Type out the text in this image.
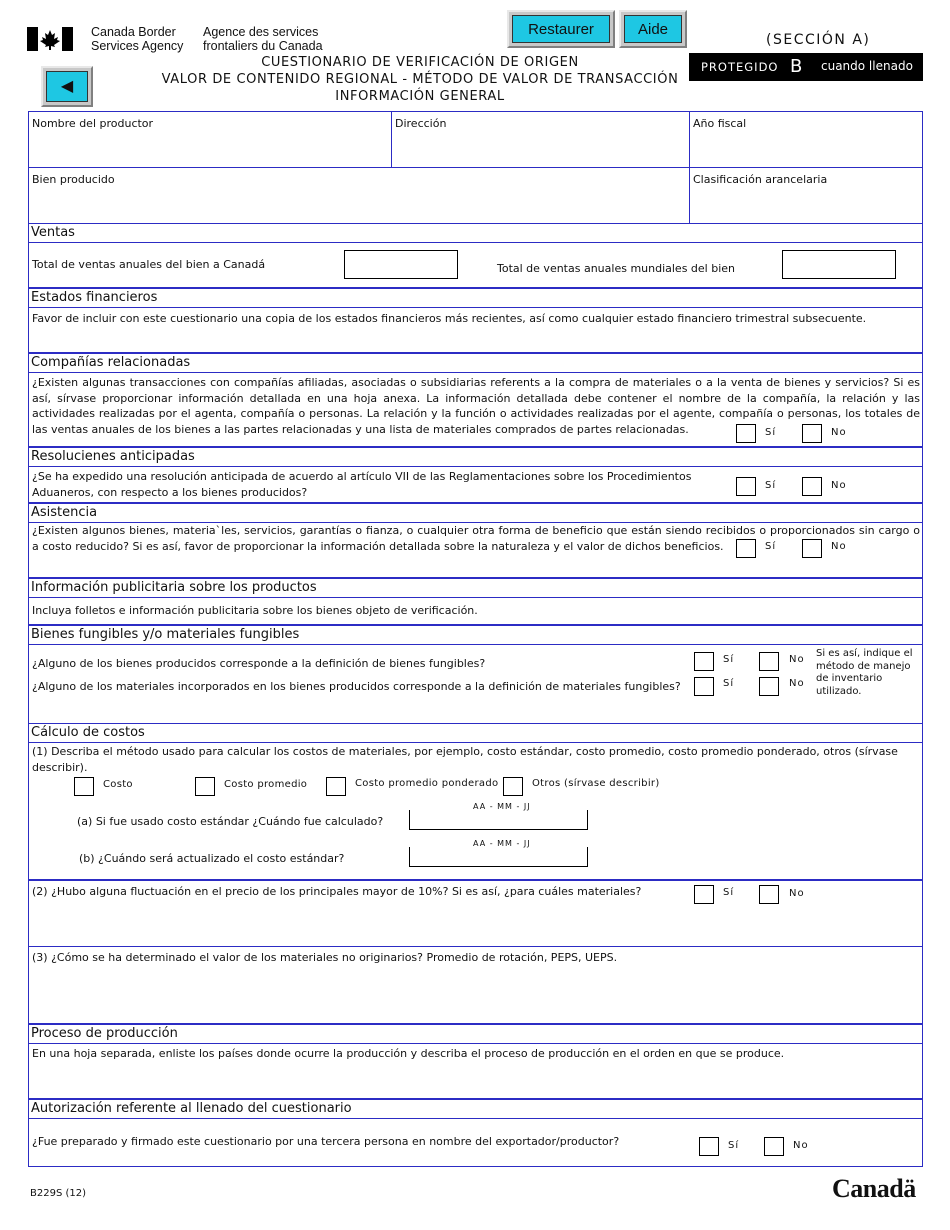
Canada Border
Services Agency
Agence des services
frontaliers du Canada
Restaurer	Aide
(SECCIÓN A)
PROTEGIDO B cuando llenado
◀
CUESTIONARIO DE VERIFICACIÓN DE ORIGEN
VALOR DE CONTENIDO REGIONAL - MÉTODO DE VALOR DE TRANSACCIÓN
INFORMACIÓN GENERAL
Nombre del productor	Dirección	Año fiscal
Bien producido	Clasificación arancelaria
Ventas
Total de ventas anuales del bien a Canadá	Total de ventas anuales mundiales del bien
Estados financieros
Favor de incluir con este cuestionario una copia de los estados financieros más recientes, así como cualquier estado financiero trimestral subsecuente.
Compañías relacionadas
¿Existen algunas transacciones con compañías afiliadas, asociadas o subsidiarias referents a la compra de materiales o a la venta de bienes y servicios? Si es así, sírvase proporcionar información detallada en una hoja anexa. La información detallada debe contener el nombre de la compañía, la relación y las actividades realizadas por el agenta, compañía o personas. La relación y la función o actividades realizadas por el agente, compañía o personas, los totales de las ventas anuales de los bienes a las partes relacionadas y una lista de materiales comprados de partes relacionadas.	Sí	No
Resolucienes anticipadas
¿Se ha expedido una resolución anticipada de acuerdo al artículo VII de las Reglamentaciones sobre los Procedimientos Aduaneros, con respecto a los bienes producidos?	Sí	No
Asistencia
¿Existen algunos bienes, materia`les, servicios, garantías o fianza, o cualquier otra forma de beneficio que están siendo recibidos o proporcionados sin cargo o a costo reducido? Si es así, favor de proporcionar la información detallada sobre la naturaleza y el valor de dichos beneficios.	Sí	No
Información publicitaria sobre los productos
Incluya folletos e información publicitaria sobre los bienes objeto de verificación.
Bienes fungibles y/o materiales fungibles
¿Alguno de los bienes producidos corresponde a la definición de bienes fungibles?	Sí	No
¿Alguno de los materiales incorporados en los bienes producidos corresponde a la definición de materiales fungibles?	Sí	No
Si es así, indique el método de manejo de inventario utilizado.
Cálculo de costos
(1) Describa el método usado para calcular los costos de materiales, por ejemplo, costo estándar, costo promedio, costo promedio ponderado, otros (sírvase describir).
Costo	Costo promedio	Costo promedio ponderado	Otros (sírvase describir)
(a) Si fue usado costo estándar ¿Cuándo fue calculado?
AA - MM - JJ
(b) ¿Cuándo será actualizado el costo estándar?
AA - MM - JJ
(2) ¿Hubo alguna fluctuación en el precio de los principales mayor de 10%? Si es así, ¿para cuáles materiales?	Sí	No
(3) ¿Cómo se ha determinado el valor de los materiales no originarios? Promedio de rotación, PEPS, UEPS.
Proceso de producción
En una hoja separada, enliste los países donde ocurre la producción y describa el proceso de producción en el orden en que se produce.
Autorización referente al llenado del cuestionario
¿Fue preparado y firmado este cuestionario por una tercera persona en nombre del exportador/productor?	Sí	No
B229S (12)	Canadä
